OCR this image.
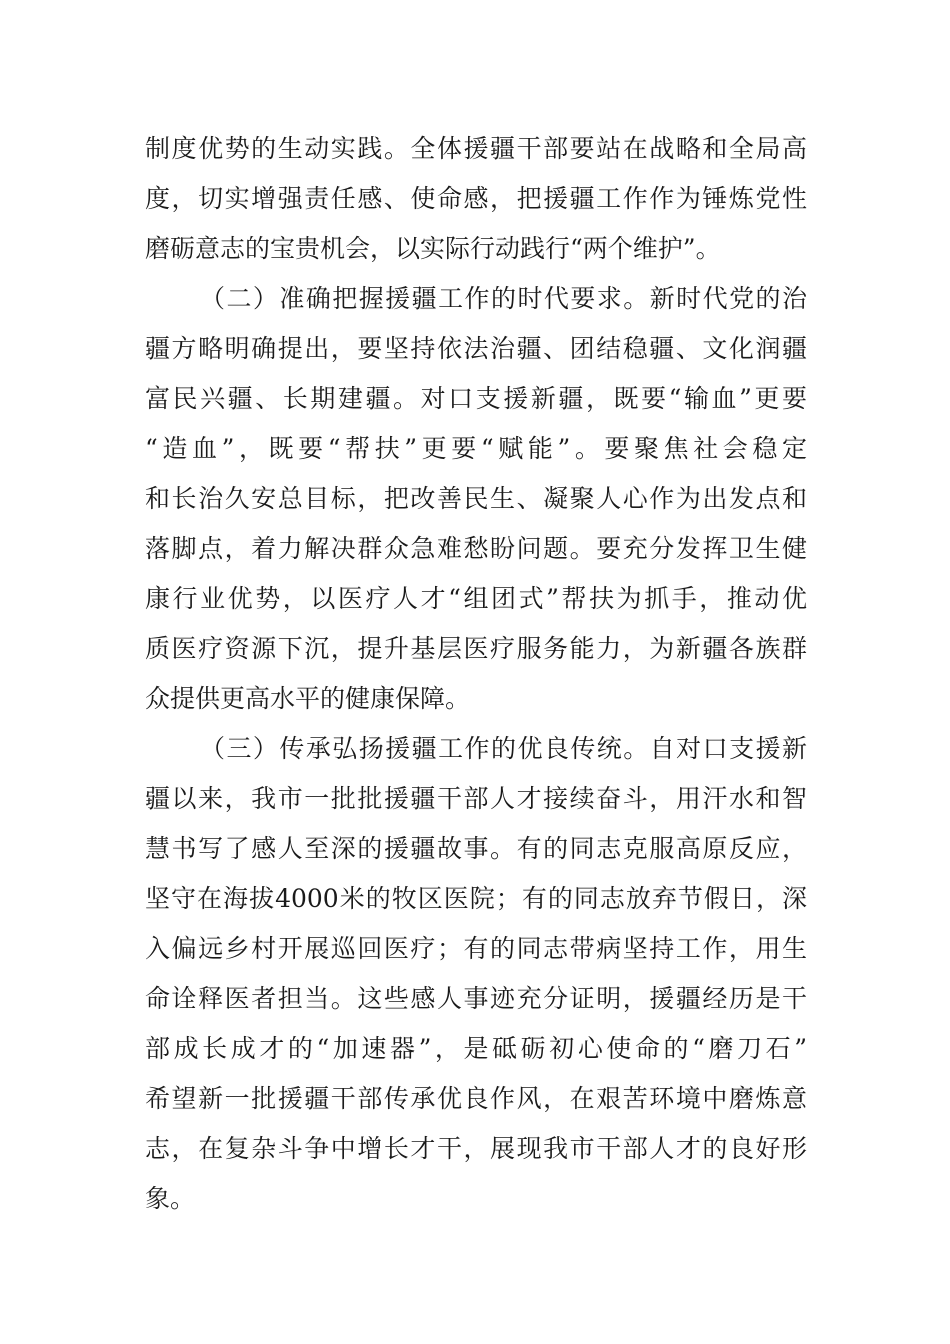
制度优势的生动实践。全体援疆干部要站在战略和全局高
度，切实增强责任感、使命感，把援疆工作作为锤炼党性
磨砺意志的宝贵机会，以实际行动践行“两个维护”。
（二）准确把握援疆工作的时代要求。新时代党的治
疆方略明确提出，要坚持依法治疆、团结稳疆、文化润疆
富民兴疆、长期建疆。对口支援新疆，既要“输血”更要
“造血”，既要“帮扶”更要“赋能”。要聚焦社会稳定
和长治久安总目标，把改善民生、凝聚人心作为出发点和
落脚点，着力解决群众急难愁盼问题。要充分发挥卫生健
康行业优势，以医疗人才“组团式”帮扶为抓手，推动优
质医疗资源下沉，提升基层医疗服务能力，为新疆各族群
众提供更高水平的健康保障。
（三）传承弘扬援疆工作的优良传统。自对口支援新
疆以来，我市一批批援疆干部人才接续奋斗，用汗水和智
慧书写了感人至深的援疆故事。有的同志克服高原反应，
坚守在海拔4000米的牧区医院；有的同志放弃节假日，深
入偏远乡村开展巡回医疗；有的同志带病坚持工作，用生
命诠释医者担当。这些感人事迹充分证明，援疆经历是干
部成长成才的“加速器”，是砥砺初心使命的“磨刀石”
希望新一批援疆干部传承优良作风，在艰苦环境中磨炼意
志，在复杂斗争中增长才干，展现我市干部人才的良好形
象。
